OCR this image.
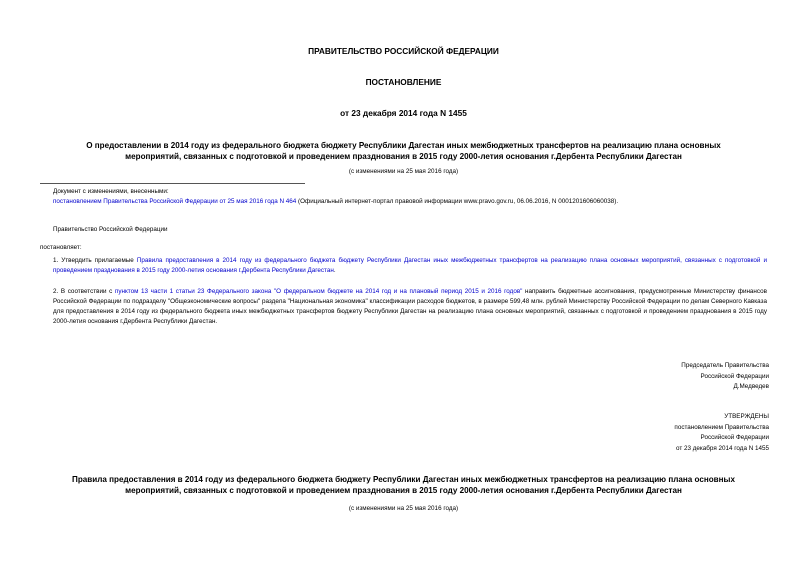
ПРАВИТЕЛЬСТВО РОССИЙСКОЙ ФЕДЕРАЦИИ
ПОСТАНОВЛЕНИЕ
от 23 декабря 2014 года N 1455
О предоставлении в 2014 году из федерального бюджета бюджету Республики Дагестан иных межбюджетных трансфертов на реализацию плана основных
мероприятий, связанных с подготовкой и проведением празднования в 2015 году 2000-летия основания г.Дербента Республики Дагестан
(с изменениями на 25 мая 2016 года)
Документ с изменениями, внесенными:
постановлением Правительства Российской Федерации от 25 мая 2016 года N 464 (Официальный интернет-портал правовой информации www.pravo.gov.ru, 06.06.2016, N 0001201606060038).
Правительство Российской Федерации
постановляет:
1. Утвердить прилагаемые Правила предоставления в 2014 году из федерального бюджета бюджету Республики Дагестан иных межбюджетных трансфертов на реализацию плана основных мероприятий, связанных с подготовкой и проведением празднования в 2015 году 2000-летия основания г.Дербента Республики Дагестан.
2. В соответствии с пунктом 13 части 1 статьи 23 Федерального закона "О федеральном бюджете на 2014 год и на плановый период 2015 и 2016 годов" направить бюджетные ассигнования, предусмотренные Министерству финансов Российской Федерации по подразделу "Общеэкономические вопросы" раздела "Национальная экономика" классификации расходов бюджетов, в размере 599,48 млн. рублей Министерству Российской Федерации по делам Северного Кавказа для предоставления в 2014 году из федерального бюджета иных межбюджетных трансфертов бюджету Республики Дагестан на реализацию плана основных мероприятий, связанных с подготовкой и проведением празднования в 2015 году 2000-летия основания г.Дербента Республики Дагестан.
Председатель Правительства
Российской Федерации
Д.Медведев
УТВЕРЖДЕНЫ
постановлением Правительства
Российской Федерации
от 23 декабря 2014 года N 1455
Правила предоставления в 2014 году из федерального бюджета бюджету Республики Дагестан иных межбюджетных трансфертов на реализацию плана основных
мероприятий, связанных с подготовкой и проведением празднования в 2015 году 2000-летия основания г.Дербента Республики Дагестан
(с изменениями на 25 мая 2016 года)
